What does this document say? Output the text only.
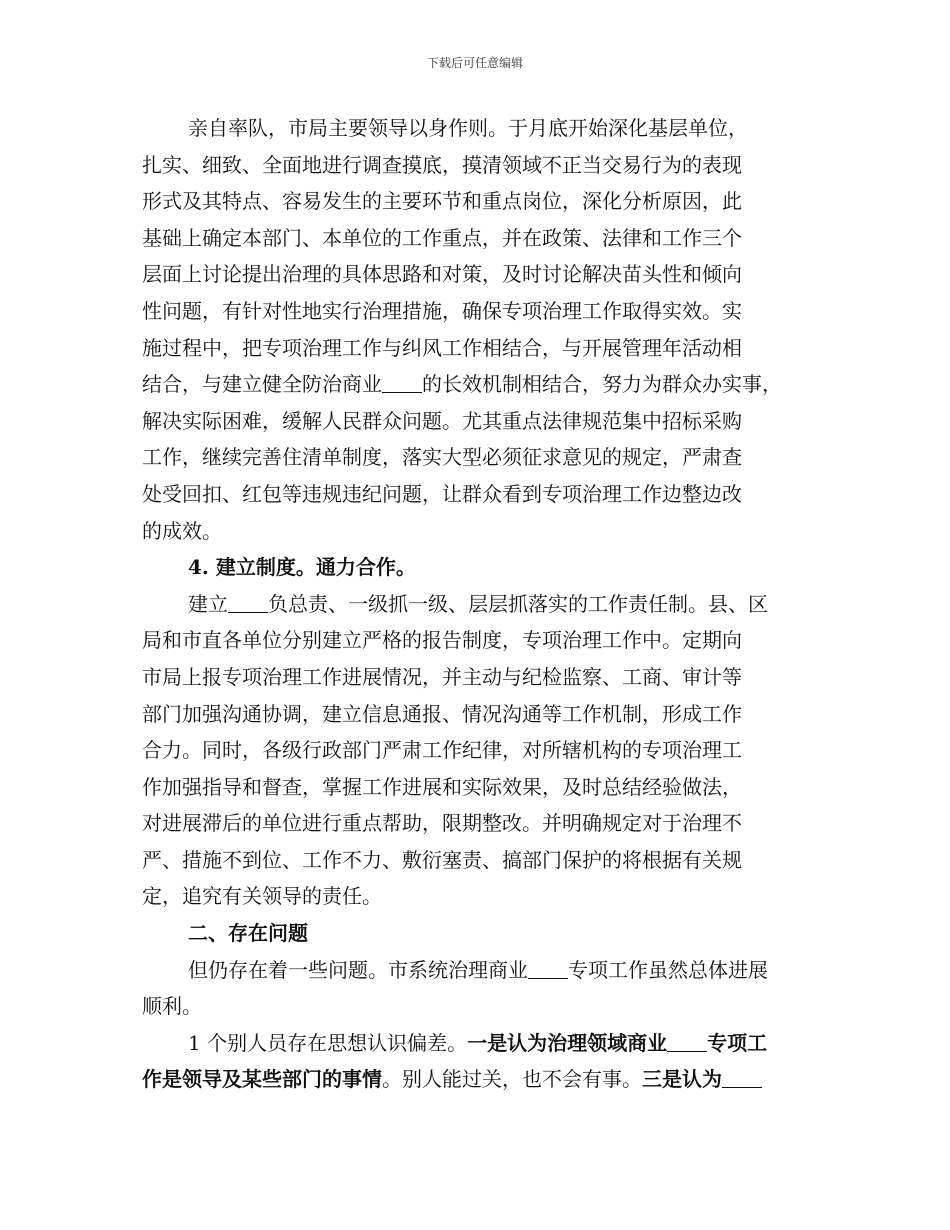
下载后可任意编辑
亲自率队，市局主要领导以身作则。于月底开始深化基层单位，
扎实、细致、全面地进行调查摸底，摸清领域不正当交易行为的表现
形式及其特点、容易发生的主要环节和重点岗位，深化分析原因，此
基础上确定本部门、本单位的工作重点，并在政策、法律和工作三个
层面上讨论提出治理的具体思路和对策，及时讨论解决苗头性和倾向
性问题，有针对性地实行治理措施，确保专项治理工作取得实效。实
施过程中，把专项治理工作与纠风工作相结合，与开展管理年活动相
结合，与建立健全防治商业 的长效机制相结合，努力为群众办实事，
解决实际困难，缓解人民群众问题。尤其重点法律规范集中招标采购
工作，继续完善住清单制度，落实大型必须征求意见的规定，严肃查
处受回扣、红包等违规违纪问题，让群众看到专项治理工作边整边改
的成效。
4. 建立制度。通力合作。
建立 负总责、一级抓一级、层层抓落实的工作责任制。县、区
局和市直各单位分别建立严格的报告制度，专项治理工作中。定期向
市局上报专项治理工作进展情况，并主动与纪检监察、工商、审计等
部门加强沟通协调，建立信息通报、情况沟通等工作机制，形成工作
合力。同时，各级行政部门严肃工作纪律，对所辖机构的专项治理工
作加强指导和督查，掌握工作进展和实际效果，及时总结经验做法，
对进展滞后的单位进行重点帮助，限期整改。并明确规定对于治理不
严、措施不到位、工作不力、敷衍塞责、搞部门保护的将根据有关规
定，追究有关领导的责任。
二、存在问题
但仍存在着一些问题。市系统治理商业 专项工作虽然总体进展
顺利。
1 个别人员存在思想认识偏差。一是认为治理领域商业 专项工
作是领导及某些部门的事情。别人能过关，也不会有事。三是认为
